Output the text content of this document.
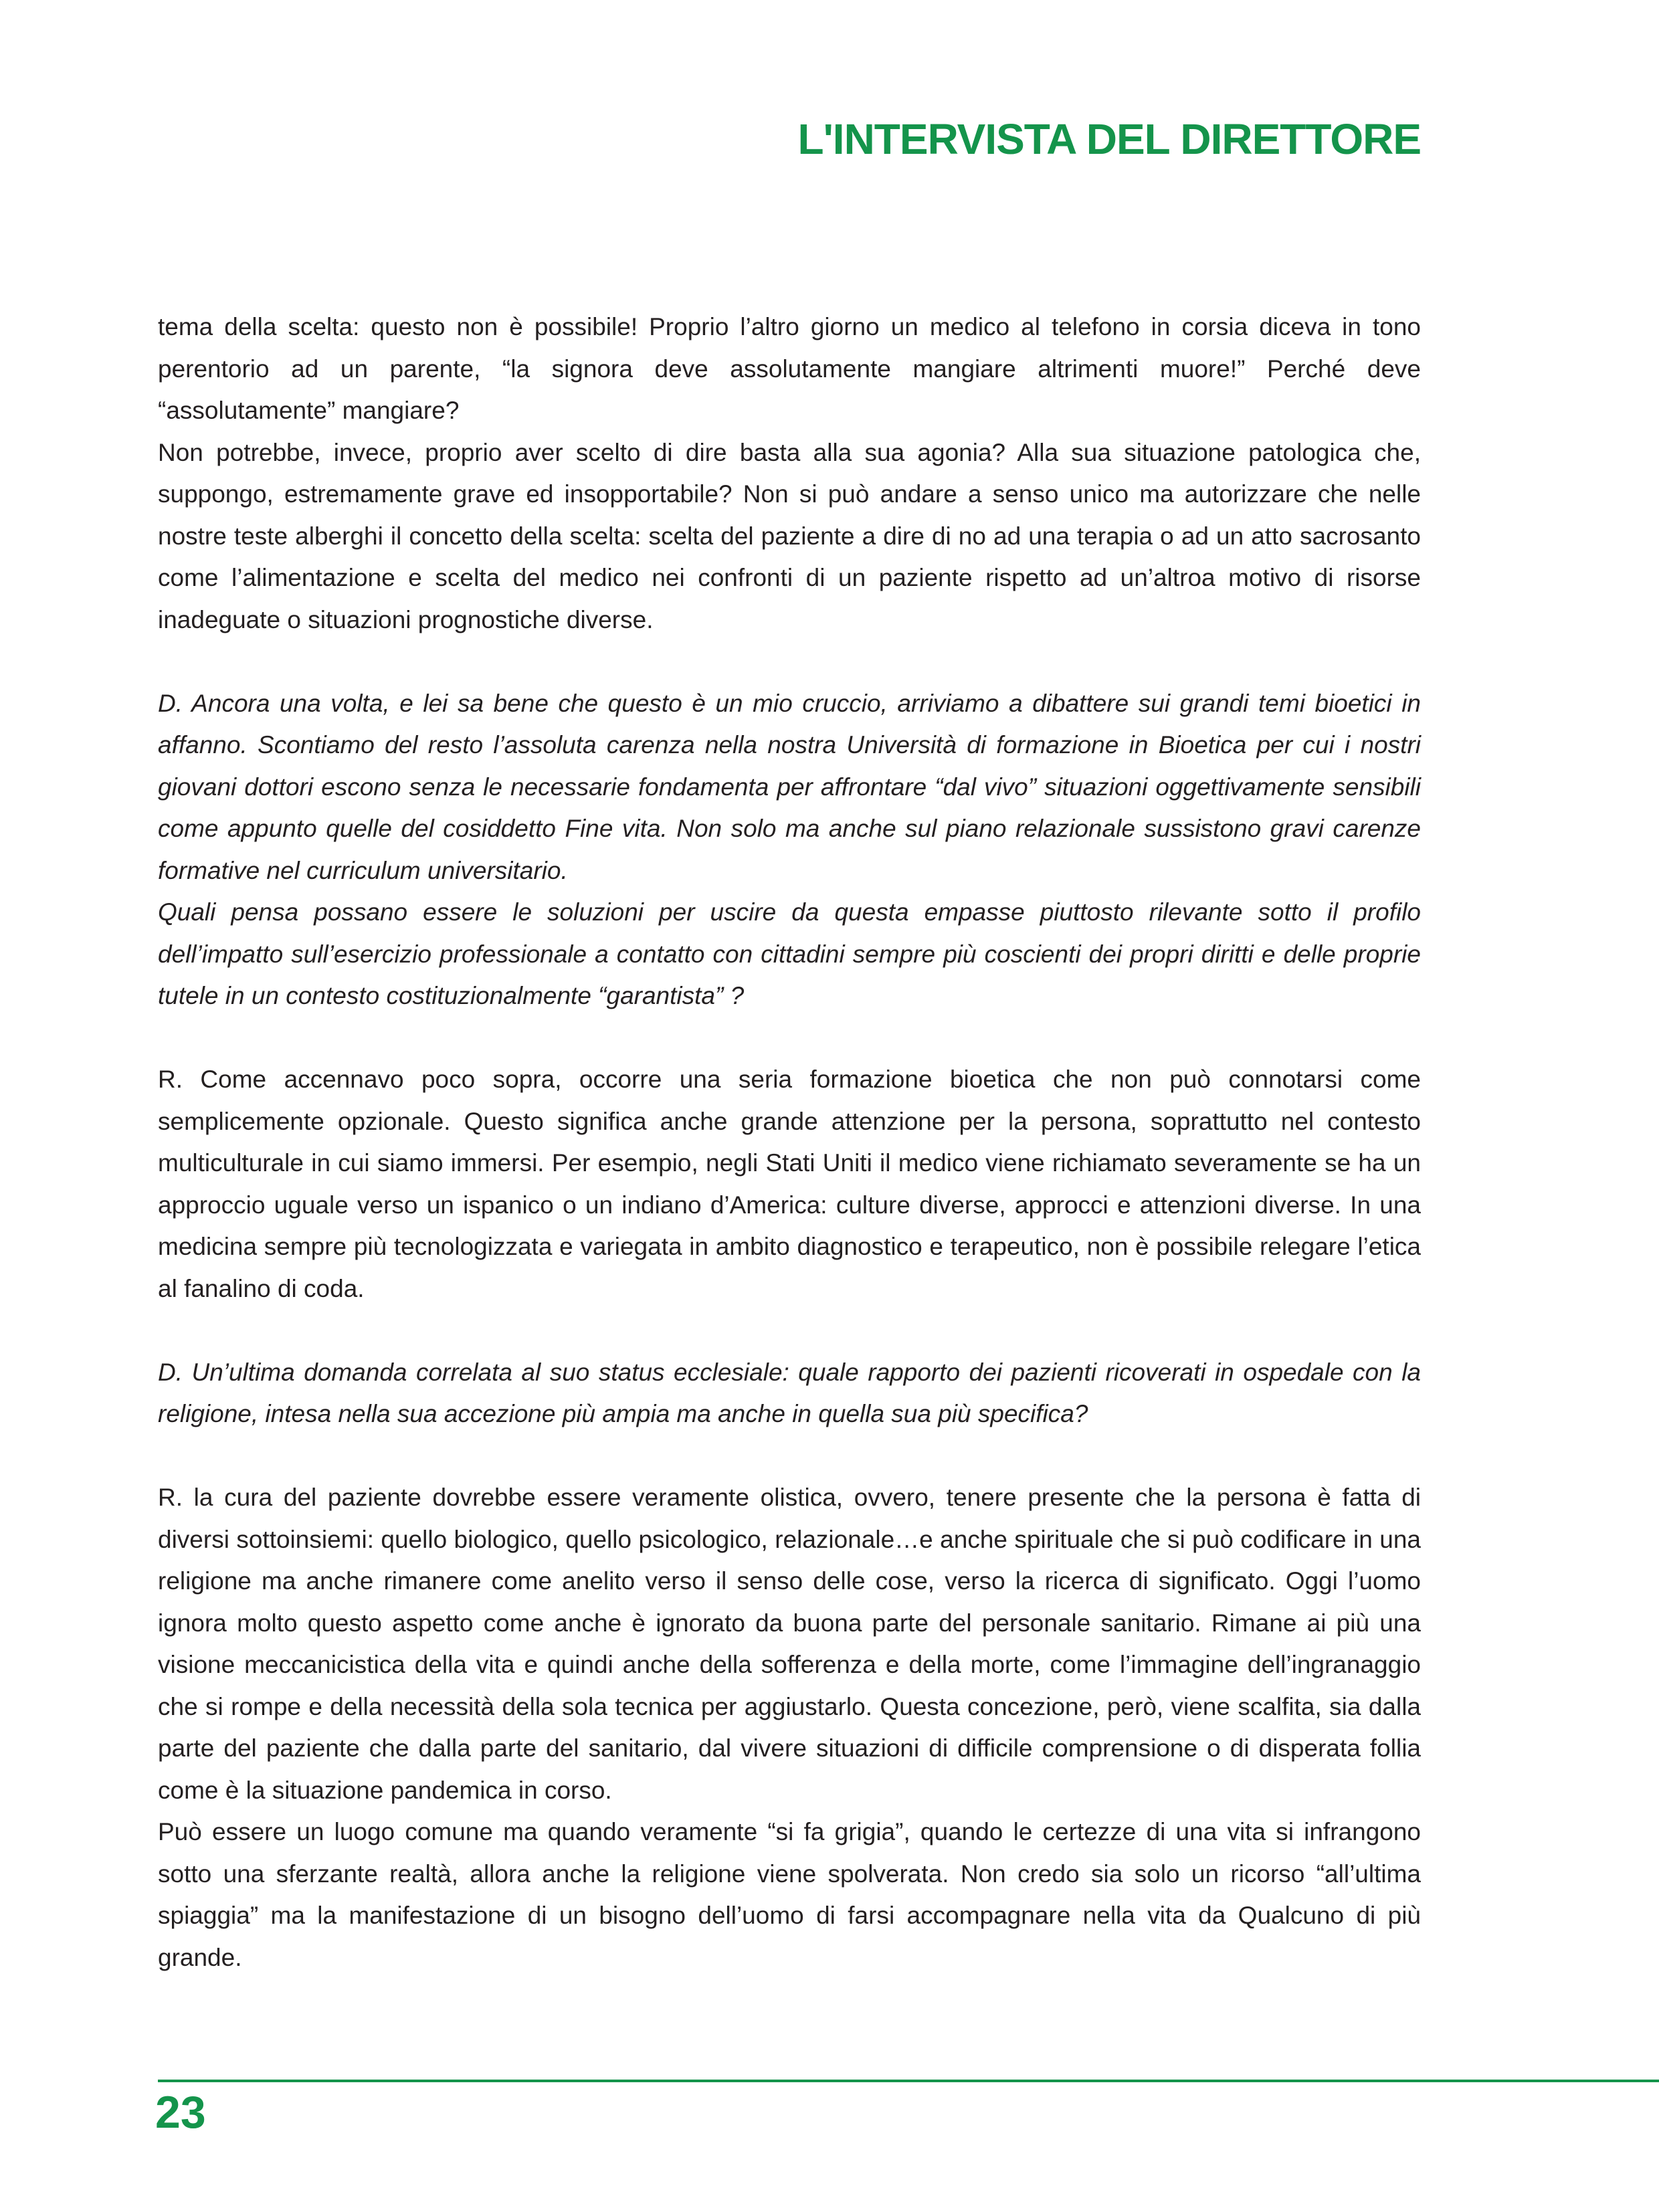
L'INTERVISTA DEL DIRETTORE

tema della scelta: questo non è possibile! Proprio l’altro giorno un medico al telefono in corsia diceva in tono perentorio ad un parente, “la signora deve assolutamente mangiare altrimenti muore!” Perché deve “assolutamente” mangiare?

Non potrebbe, invece, proprio aver scelto di dire basta alla sua agonia? Alla sua situazione patologica che, suppongo, estremamente grave ed insopportabile? Non si può andare a senso unico ma autorizzare che nelle nostre teste alberghi il concetto della scelta: scelta del paziente a dire di no ad una terapia o ad un atto sacrosanto come l’alimentazione e scelta del medico nei confronti di un paziente rispetto ad un’altroa motivo di risorse inadeguate o situazioni prognostiche diverse.

D. Ancora una volta, e lei sa bene che questo è un mio cruccio, arriviamo a dibattere sui grandi temi bioetici in affanno. Scontiamo del resto l’assoluta carenza nella nostra Università di formazione in Bioetica per cui i nostri giovani dottori escono senza le necessarie fondamenta per affrontare “dal vivo” situazioni oggettivamente sensibili come appunto quelle del cosiddetto Fine vita. Non solo ma anche sul piano relazionale sussistono gravi carenze formative nel curriculum universitario.

Quali pensa possano essere le soluzioni per uscire da questa empasse piuttosto rilevante sotto il profilo dell’impatto sull’esercizio professionale a contatto con cittadini sempre più coscienti dei propri diritti e delle proprie tutele in un contesto costituzionalmente “garantista” ?

R. Come accennavo poco sopra, occorre una seria formazione bioetica che non può connotarsi come semplicemente opzionale. Questo significa anche grande attenzione per la persona, soprattutto nel contesto multiculturale in cui siamo immersi. Per esempio, negli Stati Uniti il medico viene richiamato severamente se ha un approccio uguale verso un ispanico o un indiano d’America: culture diverse, approcci e attenzioni diverse. In una medicina sempre più tecnologizzata e variegata in ambito diagnostico e terapeutico, non è possibile relegare l’etica al fanalino di coda.

D. Un’ultima domanda correlata al suo status ecclesiale: quale rapporto dei pazienti ricoverati in ospedale con la religione, intesa nella sua accezione più ampia ma anche in quella sua più specifica?

R. la cura del paziente dovrebbe essere veramente olistica, ovvero, tenere presente che la persona è fatta di diversi sottoinsiemi: quello biologico, quello psicologico, relazionale…e anche spirituale che si può codificare in una religione ma anche rimanere come anelito verso il senso delle cose, verso la ricerca di significato. Oggi l’uomo ignora molto questo aspetto come anche è ignorato da buona parte del personale sanitario. Rimane ai più una visione meccanicistica della vita e quindi anche della sofferenza e della morte, come l’immagine dell’ingranaggio che si rompe e della necessità della sola tecnica per aggiustarlo. Questa concezione, però, viene scalfita, sia dalla parte del paziente che dalla parte del sanitario, dal vivere situazioni di difficile comprensione o di disperata follia come è la situazione pandemica in corso.

Può essere un luogo comune ma quando veramente “si fa grigia”, quando le certezze di una vita si infrangono sotto una sferzante realtà, allora anche la religione viene spolverata. Non credo sia solo un ricorso “all’ultima spiaggia” ma la manifestazione di un bisogno dell’uomo di farsi accompagnare nella vita da Qualcuno di più grande.

23
